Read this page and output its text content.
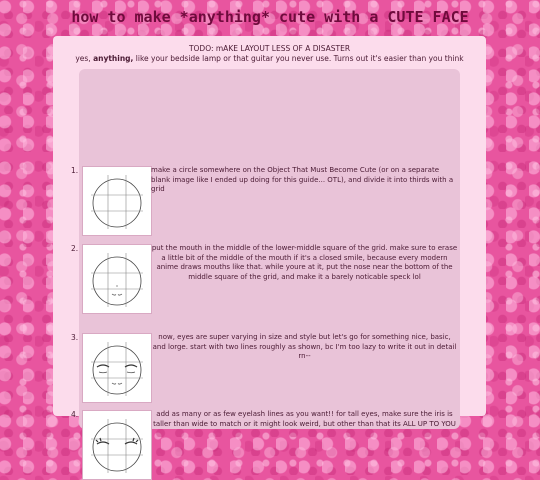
how to make *anything* cute with a CUTE FACE
TODO: mAKE LAYOUT LESS OF A DISASTER
yes, anything, like your bedside lamp or that guitar you never use. Turns out it's easier than you think
1.	make a circle somewhere on the Object That Must Become Cute (or on a separate blank image like I ended up doing for this guide... OTL), and divide it into thirds with a grid
2.	put the mouth in the middle of the lower-middle square of the grid. make sure to erase a little bit of the middle of the mouth if it's a closed smile, because every modern anime draws mouths like that. while youre at it, put the nose near the bottom of the middle square of the grid, and make it a barely noticable speck lol
3.	now, eyes are super varying in size and style but let's go for something nice, basic, and lorge. start with two lines roughly as shown, bc I'm too lazy to write it out in detail rn--
4.	add as many or as few eyelash lines as you want!! for tall eyes, make sure the iris is taller than wide to match or it might look weird, but other than that its ALL UP TO YOU
